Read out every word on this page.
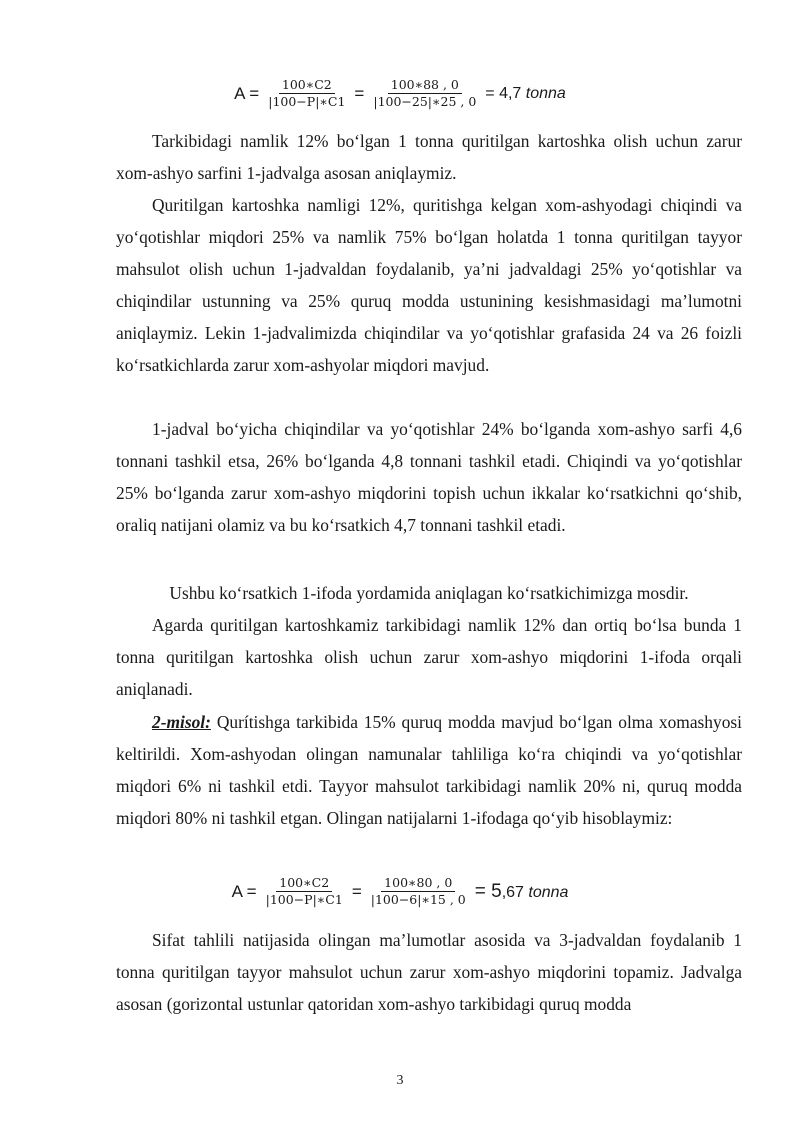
$A = \frac{100∗C2}{|100-P|∗C1} = \frac{100∗88 , 0}{|100-25|∗25 , 0} = 4,7$ tonna

Tarkibidagi namlik 12% bo‘lgan 1 tonna quritilgan kartoshka olish uchun zarur xom-ashyo sarfini 1-jadvalga asosan aniqlaymiz.

Quritilgan kartoshka namligi 12%, quritishga kelgan xom-ashyodagi chiqindi va yo‘qotishlar miqdori 25% va namlik 75% bo‘lgan holatda 1 tonna quritilgan tayyor mahsulot olish uchun 1-jadvaldan foydalanib, ya’ni jadvaldagi 25% yo‘qotishlar va chiqindilar ustunning va 25% quruq modda ustunining kesishmasidagi ma’lumotni aniqlaymiz. Lekin 1-jadvalimizda chiqindilar va yo‘qotishlar grafasida 24 va 26 foizli ko‘rsatkichlarda zarur xom-ashyolar miqdori mavjud.

1-jadval bo‘yicha chiqindilar va yo‘qotishlar 24% bo‘lganda xom-ashyo sarfi 4,6 tonnani tashkil etsa, 26% bo‘lganda 4,8 tonnani tashkil etadi. Chiqindi va yo‘qotishlar 25% bo‘lganda zarur xom-ashyo miqdorini topish uchun ikkalar ko‘rsatkichni qo‘shib, oraliq natijani olamiz va bu ko‘rsatkich 4,7 tonnani tashkil etadi.

Ushbu ko‘rsatkich 1-ifoda yordamida aniqlagan ko‘rsatkichimizga mosdir.

Agarda quritilgan kartoshkamiz tarkibidagi namlik 12% dan ortiq bo‘lsa bunda 1 tonna quritilgan kartoshka olish uchun zarur xom-ashyo miqdorini 1-ifoda orqali aniqlanadi.

2-misol: Qurítishga tarkibida 15% quruq modda mavjud bo‘lgan olma xomashyosi keltirildi. Xom-ashyodan olingan namunalar tahliliga ko‘ra chiqindi va yo‘qotishlar miqdori 6% ni tashkil etdi. Tayyor mahsulot tarkibidagi namlik 20% ni, quruq modda miqdori 80% ni tashkil etgan. Olingan natijalarni 1-ifodaga qo‘yib hisoblaymiz:

$A = \frac{100∗C2}{|100-P|∗C1} = \frac{100∗80 , 0}{|100-6|∗15 , 0} = 5,67$ tonna

Sifat tahlili natijasida olingan ma’lumotlar asosida va 3-jadvaldan foydalanib 1 tonna quritilgan tayyor mahsulot uchun zarur xom-ashyo miqdorini topamiz. Jadvalga asosan (gorizontal ustunlar qatoridan xom-ashyo tarkibidagi quruq modda

3
